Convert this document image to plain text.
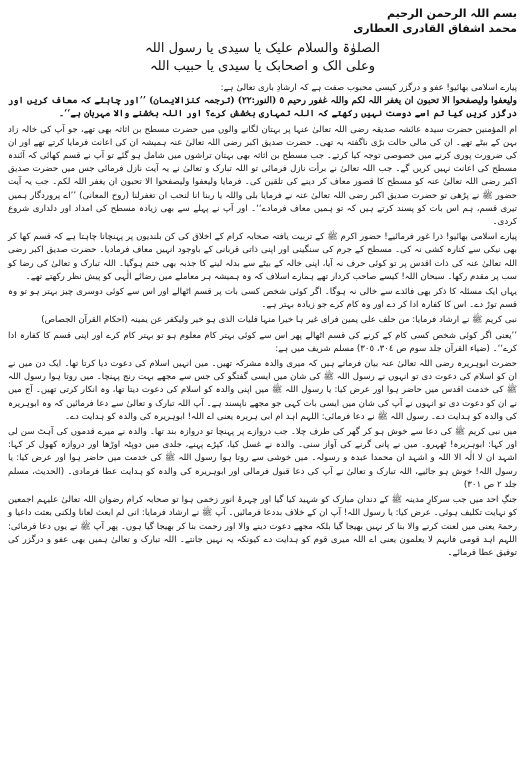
بسم اللہ الرحمن الرحیم
محمد اشفاق القادری العطاری
الصلوٰۃ والسلام علیک یا سیدی یا رسول اللہ
وعلی الک و اصحابک یا سیدی یا حبیب اللہ

پیارے اسلامی بھائیو! عفو و درگزر کیسی محبوب صفت ہے کہ ارشادِ باری تعالیٰ ہے:

ولیعفوا ولیصفحوا الا تحبون ان یغفر اللہ لکم واللہ غفور رحیم ٥ (النور:٢٢) (ترجمہ کنزالایمان) ’’اور چاہئے کہ معاف کریں اور درگزر کریں کیا تم اسے دوست نہیں رکھتے کہ اللہ تمہاری بخشش کرے؟ اور اللہ بخشنے والا مہربان ہے‘‘۔

ام المؤمنین حضرت سیدہ عائشہ صدیقہ رضی اللہ تعالیٰ عنہا پر بہتان لگانے والوں میں حضرت مسطح بن اثاثہ بھی تھے، جو آپ کی خالہ زاد بہن کے بیٹے تھے۔ ان کی مالی حالت بڑی ناگفتہ بہ تھی۔ حضرت صدیق اکبر رضی اللہ تعالیٰ عنہ ہمیشہ ان کی اعانت فرمایا کرتے تھے اور ان کی ضرورت پوری کرنے میں خصوصی توجہ کیا کرتے۔ جب مسطح بن اثاثہ بھی بہتان تراشوں میں شامل ہو گئے تو آپ نے قسم کھائی کہ آئندہ مسطح کی اعانت نہیں کریں گے۔ جب اللہ تعالیٰ نے برأت نازل فرمائی تو اللہ تبارک و تعالیٰ نے یہ آیت نازل فرمائی جس میں حضرت صدیق اکبر رضی اللہ تعالیٰ عنہ کو مسطح کا قصور معاف کر دینے کی تلقین کی۔ فرمایا ولیعفوا ولیصفحوا الا تحبون ان یغفر اللہ لکم۔ جب یہ آیت حضور ﷺ نے پڑھی تو حضرت صدیق اکبر رضی اللہ تعالیٰ عنہ نے فرمایا بلی واللہ یا ربنا انا لنحب ان تغفرلنا (روح المعانی) ’’اے پروردگار ہمیں تیری قسم، ہم اس بات کو پسند کرتے ہیں کہ تو ہمیں معاف فرمادے‘‘۔ اور آپ نے پہلے سے بھی زیادہ مسطح کی امداد اور دلداری شروع کردی۔

پیارے اسلامی بھائیو! ذرا غور فرمائیے! حضور اکرم ﷺ کے تربیت یافتہ صحابہ کرام کے اخلاق کی کن بلندیوں پر پہنچانا چاہتا ہے کہ قسم کھا کر بھی نیکی سے کنارہ کشی نہ کی۔ مسطح کے جرم کی سنگینی اور اپنی ذاتی قربانی کے باوجود انہیں معاف فرمادیا۔ حضرت صدیق اکبر رضی اللہ تعالیٰ عنہ کی ذات اقدس پر تو کوئی حرف نہ آیا، اپنی خالہ کے بیٹے سے بدلہ لینے کا جذبہ بھی ختم ہوگیا۔ اللہ تبارک و تعالیٰ کی رضا کو سب پر مقدم رکھا۔ سبحان اللہ! کیسے صاحب کردار تھے ہمارے اسلاف کہ وہ ہمیشہ ہر معاملے میں رضائے الٰہی کو پیش نظر رکھتے تھے۔

یہاں ایک مسئلہ کا ذکر بھی فائدے سے خالی نہ ہوگا۔ اگر کوئی شخص کسی بات پر قسم اٹھالے اور اس سے کوئی دوسری چیز بہتر ہو تو وہ قسم توڑ دے۔ اس کا کفارہ ادا کر دے اور وہ کام کرے جو زیادہ بہتر ہے۔

نبی کریم ﷺ نے ارشاد فرمایا: من حلف علی یمین فرای غیر ہا خیرا منہا فلیات الذی ہو خیر ولیکفر عن یمینہ (احکام القرآن الجصاص)

’’یعنی اگر کوئی شخص کسی کام کے کرنے کی قسم اٹھالے پھر اس سے کوئی بہتر کام معلوم ہو تو بہتر کام کرے اور اپنی قسم کا کفارہ ادا کرے‘‘۔ (ضیاء القرآن جلد سوم ص ٣٠٤، ٣٠٥) مسلم شریف میں ہے:

حضرت ابوہریرہ رضی اللہ تعالیٰ عنہ بیان فرماتے ہیں کہ میری والدہ مشرکہ تھیں۔ میں انہیں اسلام کی دعوت دیا کرتا تھا۔ ایک دن میں نے ان کو اسلام کی دعوت دی تو انہوں نے رسول اللہ ﷺ کی شان میں ایسی گفتگو کی جس سے مجھے بہت رنج پہنچا۔ میں روتا ہوا رسول اللہ ﷺ کی خدمت اقدس میں حاضر ہوا اور عرض کیا: یا رسول اللہ ﷺ میں اپنی والدہ کو اسلام کی دعوت دیتا تھا، وہ انکار کرتی تھیں۔ آج میں نے ان کو دعوت دی تو انہوں نے آپ کی شان میں ایسی بات کہی جو مجھے ناپسند ہے۔ آپ اللہ تبارک و تعالیٰ سے دعا فرمائیں کہ وہ ابوہریرہ کی والدہ کو ہدایت دے۔ رسول اللہ ﷺ نے دعا فرمائی: اللہم اہد ام ابی ہریرہ یعنی اے اللہ! ابوہریرہ کی والدہ کو ہدایت دے۔

میں نبی کریم ﷺ کی دعا سے خوش ہو کر گھر کی طرف چلا۔ جب دروازے پر پہنچا تو دروازہ بند تھا۔ والدہ نے میرے قدموں کی آہٹ سن لی اور کہا: ابوہریرہ! ٹھہرو۔ میں نے پانی گرنے کی آواز سنی۔ والدہ نے غسل کیا، کپڑے پہنے، جلدی میں دوپٹہ اوڑھا اور دروازہ کھول کر کہا: اشہد ان لا الٰہ الا اللہ و اشہد ان محمدا عبدہ و رسولہ۔ میں خوشی سے روتا ہوا رسول اللہ ﷺ کی خدمت میں حاضر ہوا اور عرض کیا: یا رسول اللہ! خوش ہو جائیے، اللہ تبارک و تعالیٰ نے آپ کی دعا قبول فرمالی اور ابوہریرہ کی والدہ کو ہدایت عطا فرمادی۔ (الحدیث، مسلم جلد ٢ ص ٣٠١)

جنگِ احد میں جب سرکارِ مدینہ ﷺ کے دندان مبارک کو شہید کیا گیا اور چہرۂ انور زخمی ہوا تو صحابہ کرام رضوان اللہ تعالیٰ علیہم اجمعین کو نہایت تکلیف ہوئی۔ عرض کیا: یا رسول اللہ! آپ ان کے خلاف بددعا فرمائیں۔ آپ ﷺ نے ارشاد فرمایا: انی لم ابعث لعانا ولکنی بعثت داعیا و رحمۃ یعنی میں لعنت کرنے والا بنا کر نہیں بھیجا گیا بلکہ مجھے دعوت دینے والا اور رحمت بنا کر بھیجا گیا ہوں۔ پھر آپ ﷺ نے یوں دعا فرمائی: اللہم اہد قومی فانہم لا یعلمون یعنی اے اللہ میری قوم کو ہدایت دے کیونکہ یہ نہیں جانتے۔ اللہ تبارک و تعالیٰ ہمیں بھی عفو و درگزر کی توفیق عطا فرمائے۔
